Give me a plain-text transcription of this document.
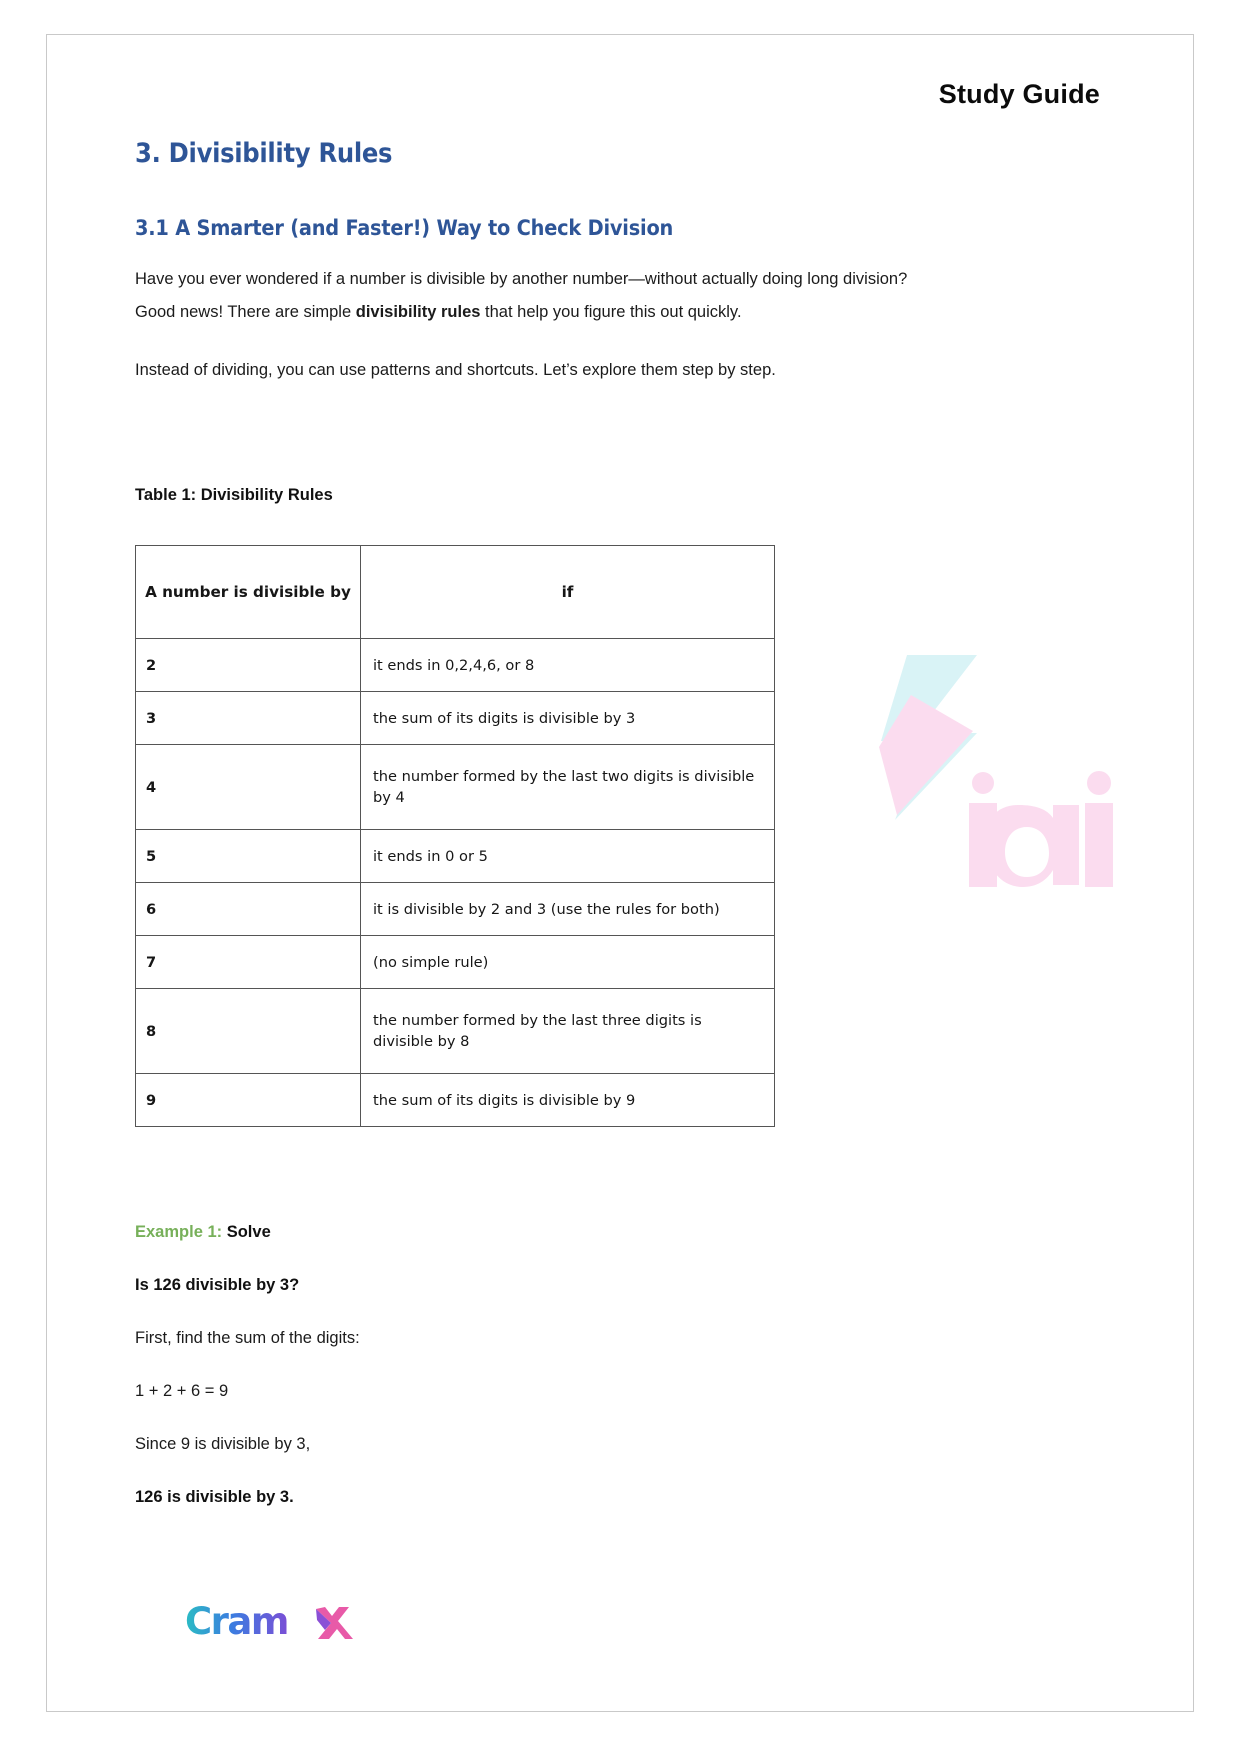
Study Guide
3. Divisibility Rules
3.1 A Smarter (and Faster!) Way to Check Division

Have you ever wondered if a number is divisible by another number—without actually doing long division? Good news! There are simple divisibility rules that help you figure this out quickly.

Instead of dividing, you can use patterns and shortcuts. Let’s explore them step by step.

Table 1: Divisibility Rules
A number is divisible by	if
2	it ends in 0,2,4,6, or 8
3	the sum of its digits is divisible by 3
4	the number formed by the last two digits is divisible by 4
5	it ends in 0 or 5
6	it is divisible by 2 and 3 (use the rules for both)
7	(no simple rule)
8	the number formed by the last three digits is divisible by 8
9	the sum of its digits is divisible by 9
Example 1: Solve
Is 126 divisible by 3?
First, find the sum of the digits:
1 + 2 + 6 = 9
Since 9 is divisible by 3,
126 is divisible by 3.
Cram
